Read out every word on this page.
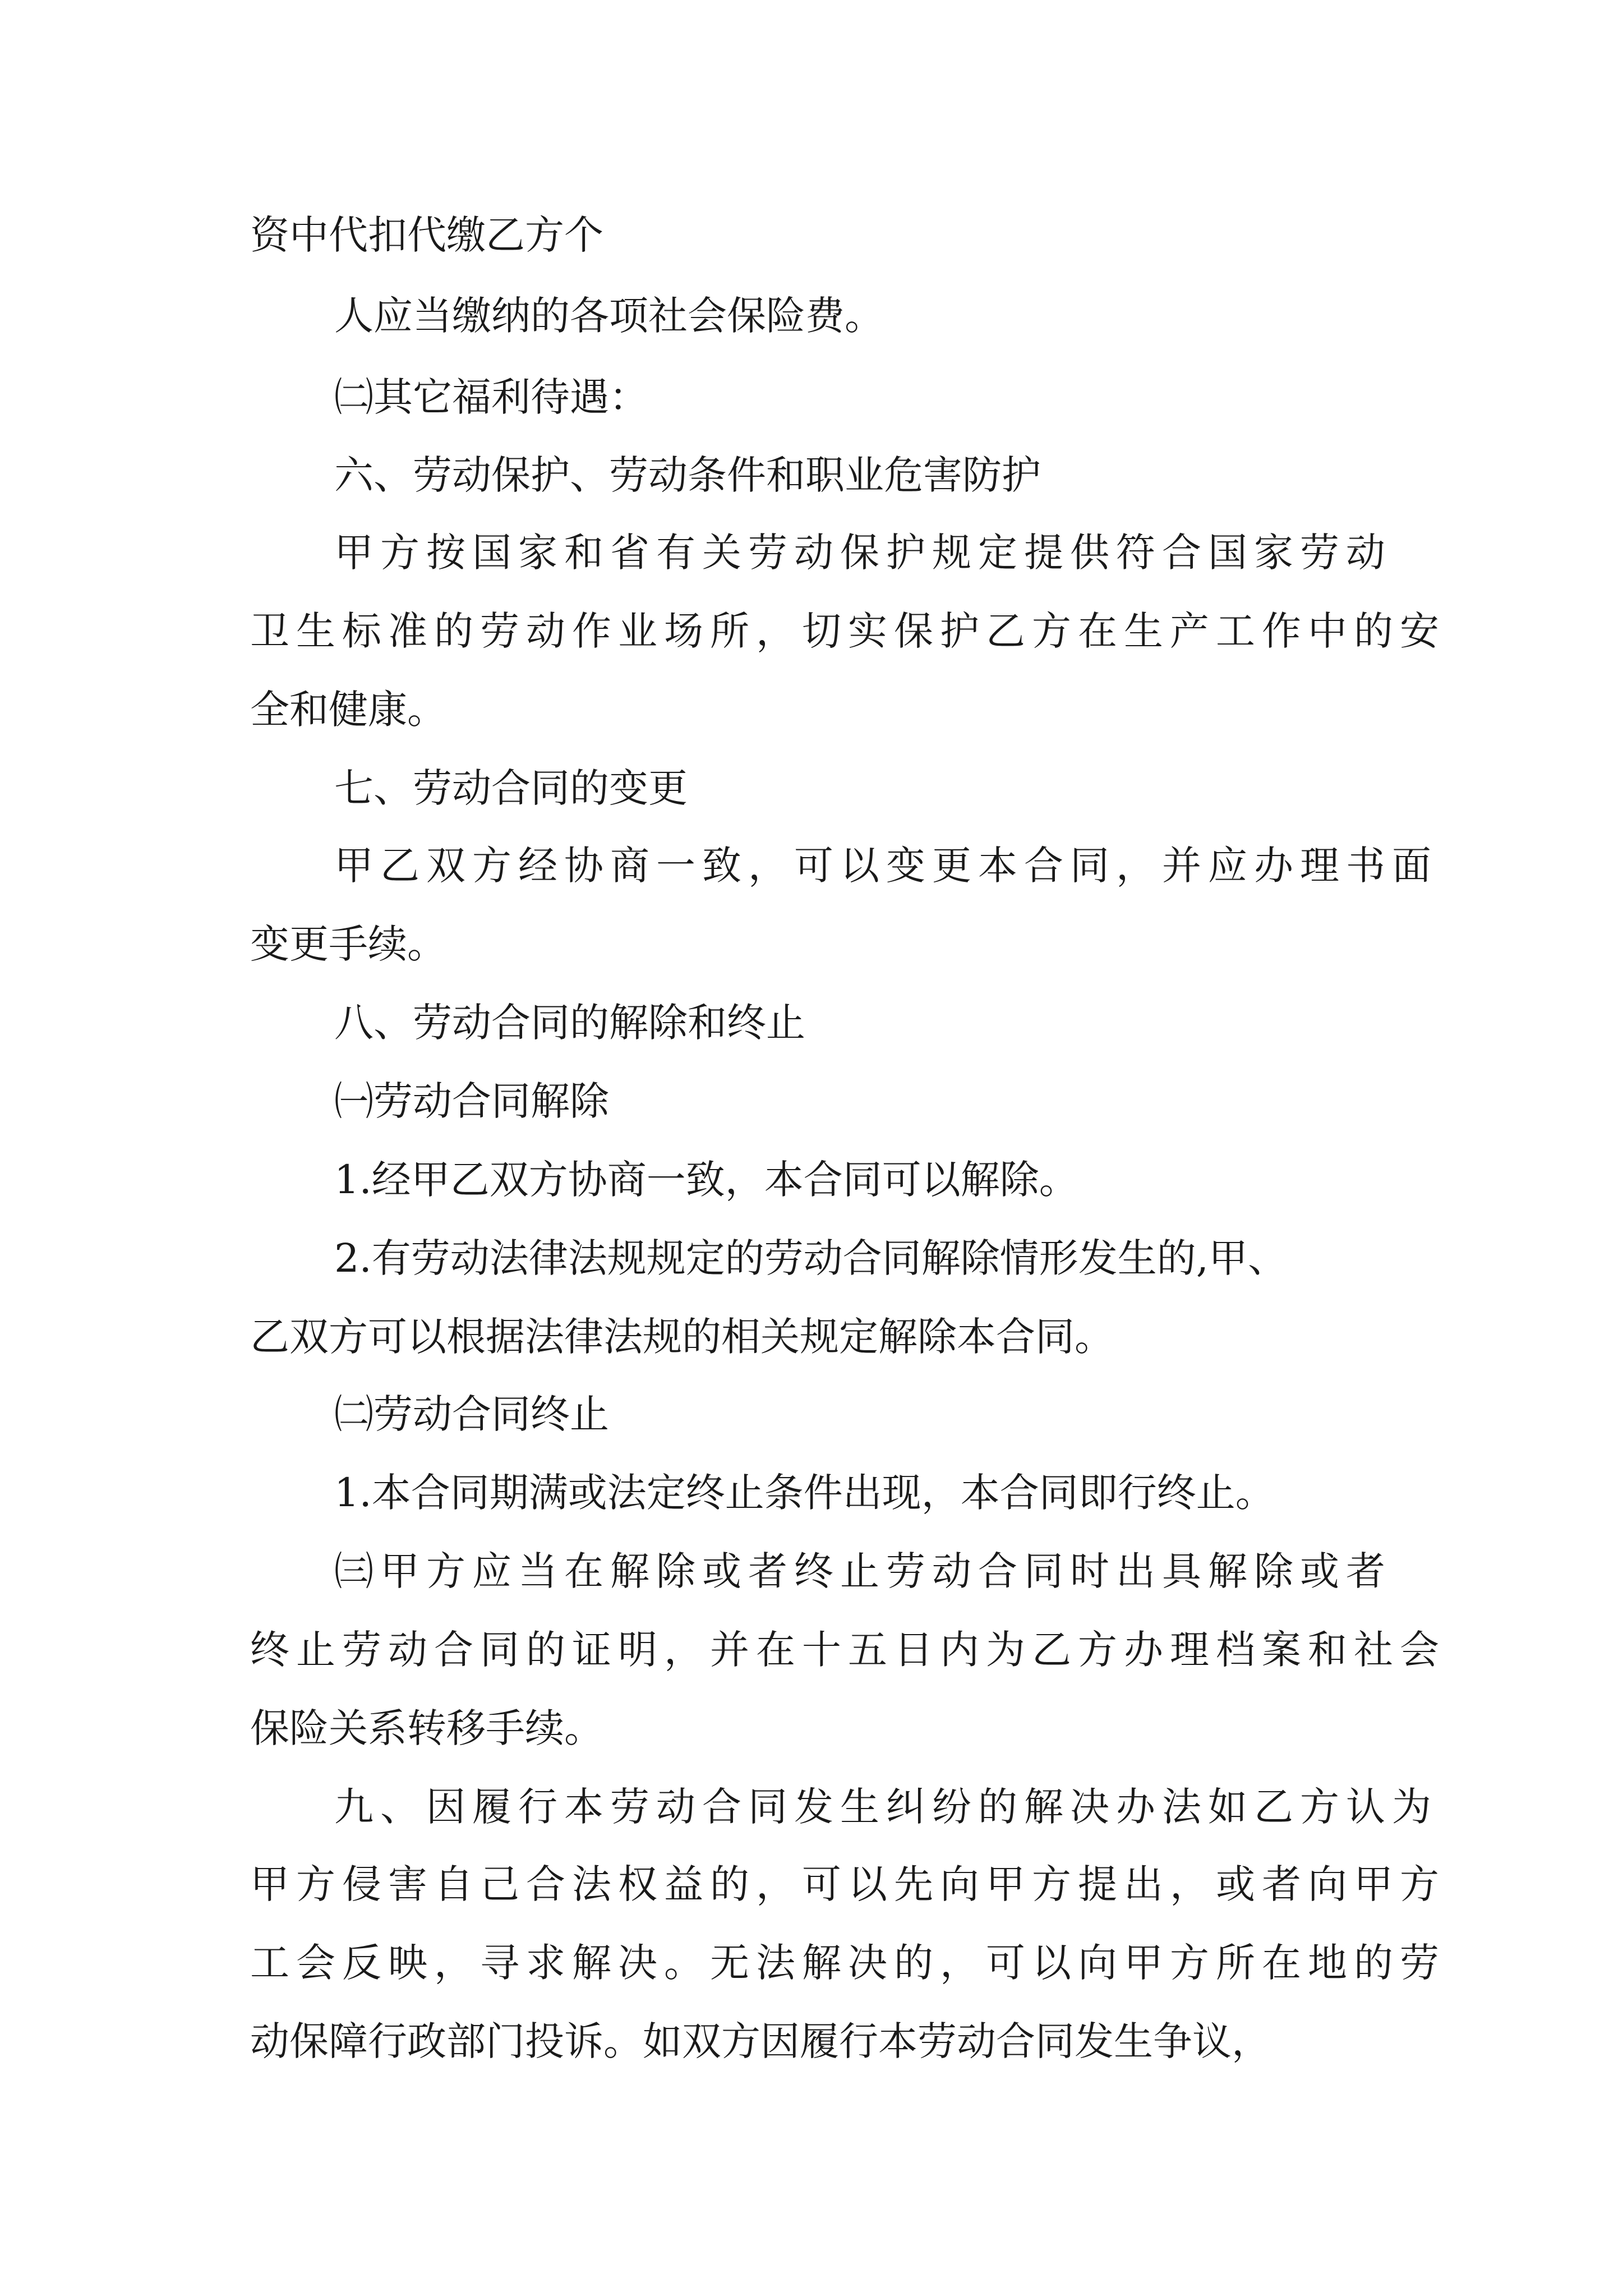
资中代扣代缴乙方个

人应当缴纳的各项社会保险费。

㈡其它福利待遇：

六、劳动保护、劳动条件和职业危害防护

甲方按国家和省有关劳动保护规定提供符合国家劳动

卫生标准的劳动作业场所，切实保护乙方在生产工作中的安

全和健康。

七、劳动合同的变更

甲乙双方经协商一致，可以变更本合同，并应办理书面

变更手续。

八、劳动合同的解除和终止

㈠劳动合同解除

1.经甲乙双方协商一致，本合同可以解除。

2.有劳动法律法规规定的劳动合同解除情形发生的,甲、

乙双方可以根据法律法规的相关规定解除本合同。

㈡劳动合同终止

1.本合同期满或法定终止条件出现，本合同即行终止。

㈢甲方应当在解除或者终止劳动合同时出具解除或者

终止劳动合同的证明，并在十五日内为乙方办理档案和社会

保险关系转移手续。

九、因履行本劳动合同发生纠纷的解决办法如乙方认为

甲方侵害自己合法权益的，可以先向甲方提出，或者向甲方

工会反映，寻求解决。无法解决的，可以向甲方所在地的劳

动保障行政部门投诉。如双方因履行本劳动合同发生争议，
